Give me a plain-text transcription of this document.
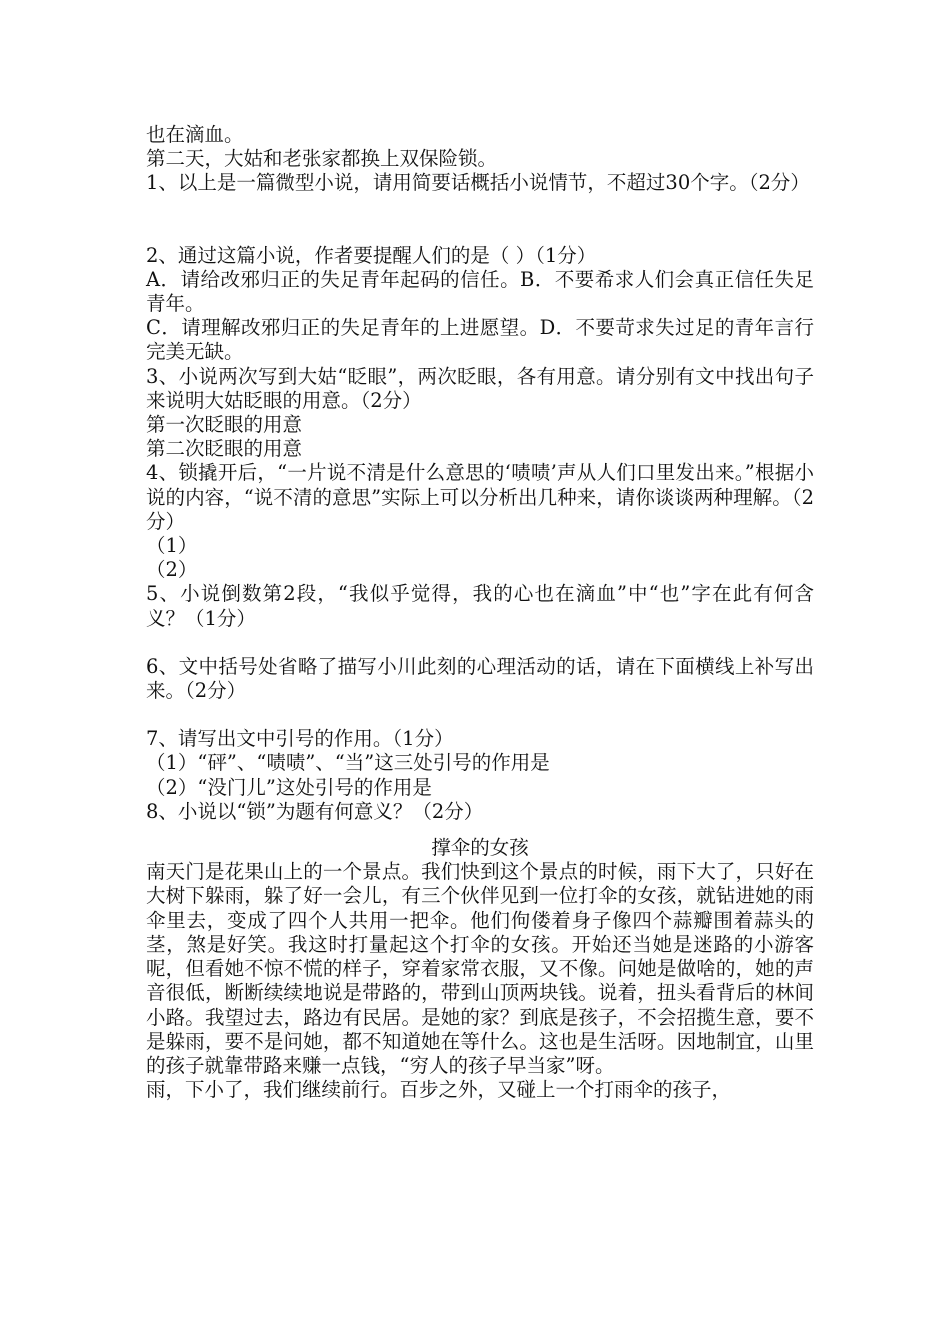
也在滴血。

第二天，大姑和老张家都换上双保险锁。

1、以上是一篇微型小说，请用简要话概括小说情节，不超过30个字。（2分）

2、通过这篇小说，作者要提醒人们的是（ ）（1分）

A．请给改邪归正的失足青年起码的信任。B．不要希求人们会真正信任失足青年。

C．请理解改邪归正的失足青年的上进愿望。D．不要苛求失过足的青年言行完美无缺。

3、小说两次写到大姑“眨眼”，两次眨眼，各有用意。请分别有文中找出句子来说明大姑眨眼的用意。（2分）

第一次眨眼的用意

第二次眨眼的用意

4、锁撬开后，“一片说不清是什么意思的‘啧啧’声从人们口里发出来。”根据小说的内容，“说不清的意思”实际上可以分析出几种来，请你谈谈两种理解。（2分）

（1）

（2）

5、小说倒数第2段，“我似乎觉得，我的心也在滴血”中“也”字在此有何含义？（1分）

6、文中括号处省略了描写小川此刻的心理活动的话，请在下面横线上补写出来。（2分）

7、请写出文中引号的作用。（1分）

（1）“砰”、“啧啧”、“当”这三处引号的作用是

（2）“没门儿”这处引号的作用是

8、小说以“锁”为题有何意义？（2分）

撑伞的女孩

南天门是花果山上的一个景点。我们快到这个景点的时候，雨下大了，只好在大树下躲雨，躲了好一会儿，有三个伙伴见到一位打伞的女孩，就钻进她的雨伞里去，变成了四个人共用一把伞。他们佝偻着身子像四个蒜瓣围着蒜头的茎，煞是好笑。我这时打量起这个打伞的女孩。开始还当她是迷路的小游客呢，但看她不惊不慌的样子，穿着家常衣服，又不像。问她是做啥的，她的声音很低，断断续续地说是带路的，带到山顶两块钱。说着，扭头看背后的林间小路。我望过去，路边有民居。是她的家？到底是孩子，不会招揽生意，要不是躲雨，要不是问她，都不知道她在等什么。这也是生活呀。因地制宜，山里的孩子就靠带路来赚一点钱，“穷人的孩子早当家”呀。

雨，下小了，我们继续前行。百步之外，又碰上一个打雨伞的孩子，
